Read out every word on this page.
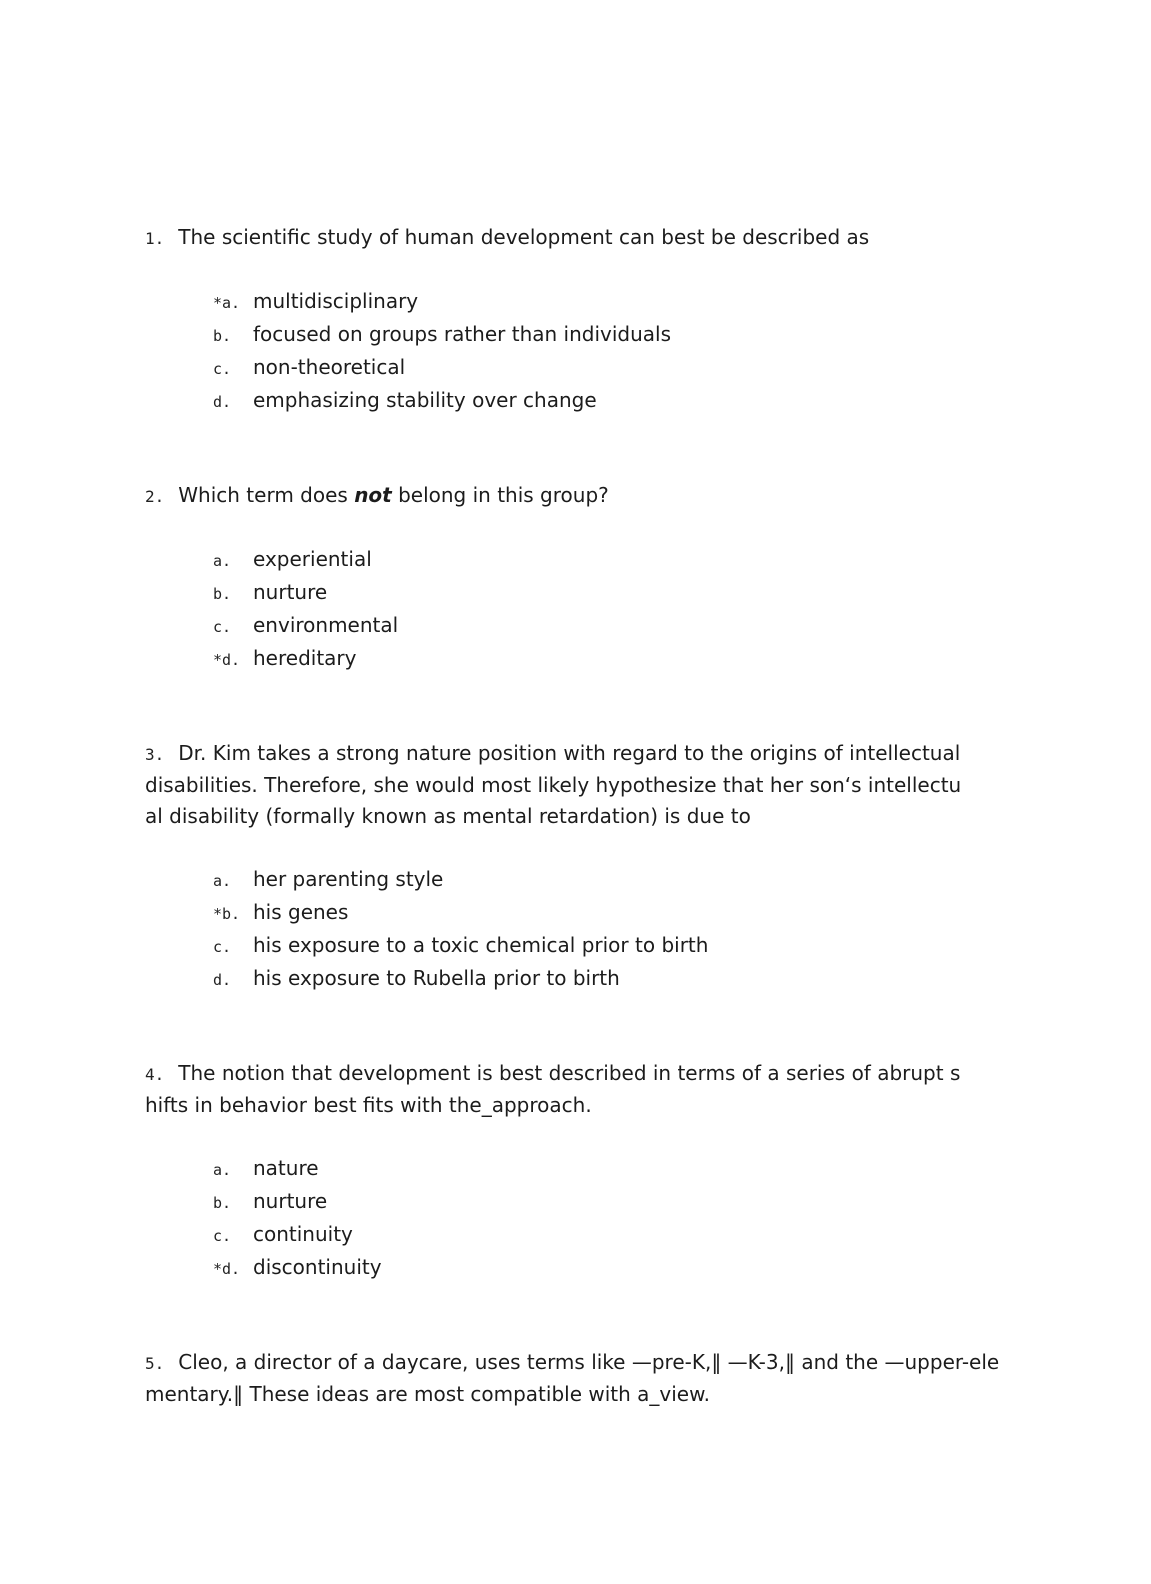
1. The scientific study of human development can best be described as
*a. multidisciplinary
b. focused on groups rather than individuals
c. non-theoretical
d. emphasizing stability over change
2. Which term does not belong in this group?
a. experiential
b. nurture
c. environmental
*d. hereditary
3. Dr. Kim takes a strong nature position with regard to the origins of intellectual
disabilities. Therefore, she would most likely hypothesize that her son‘s intellectu
al disability (formally known as mental retardation) is due to
a. her parenting style
*b. his genes
c. his exposure to a toxic chemical prior to birth
d. his exposure to Rubella prior to birth
4. The notion that development is best described in terms of a series of abrupt s
hifts in behavior best fits with the_approach.
a. nature
b. nurture
c. continuity
*d. discontinuity
5. Cleo, a director of a daycare, uses terms like —pre-K,‖ —K-3,‖ and the —upper-ele
mentary.‖ These ideas are most compatible with a_view.
